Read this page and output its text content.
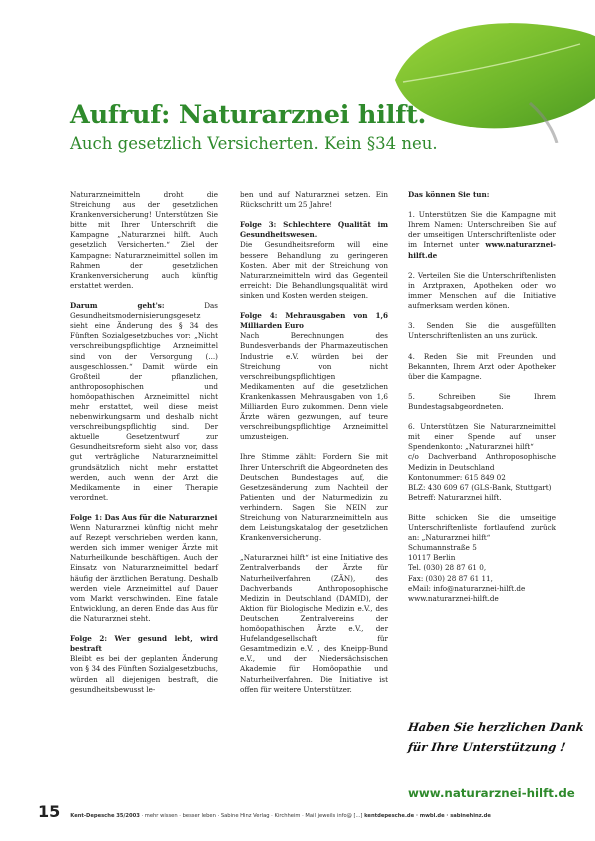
Aufruf: Naturarznei hilft.
Auch gesetzlich Versicherten. Kein §34 neu.

Naturarzneimitteln droht die Streichung aus der gesetzlichen Krankenversicherung! Unterstützen Sie bitte mit Ihrer Unterschrift die Kampagne „Naturarznei hilft. Auch gesetzlich Versicherten.“ Ziel der Kampagne: Naturarzneimittel sollen im Rahmen der gesetzlichen Krankenversicherung auch künftig erstattet werden.

Darum geht's: Das Gesundheitsmodernisierungsgesetz sieht eine Änderung des § 34 des Fünften Sozialgesetzbuches vor: „Nicht verschreibungspflichtige Arzneimittel sind von der Versorgung (...) ausgeschlossen.“ Damit würde ein Großteil der pflanzlichen, anthroposophischen und homöopathischen Arzneimittel nicht mehr erstattet, weil diese meist nebenwirkungsarm und deshalb nicht verschreibungspflichtig sind. Der aktuelle Gesetzentwurf zur Gesundheitsreform sieht also vor, dass gut verträgliche Naturarzneimittel grundsätzlich nicht mehr erstattet werden, auch wenn der Arzt die Medikamente in einer Therapie verordnet.

Folge 1: Das Aus für die Naturarznei
Wenn Naturarznei künftig nicht mehr auf Rezept verschrieben werden kann, werden sich immer weniger Ärzte mit Naturheilkunde beschäftigen. Auch der Einsatz von Naturarzneimittel bedarf häufig der ärztlichen Beratung. Deshalb werden viele Arzneimittel auf Dauer vom Markt verschwinden. Eine fatale Entwicklung, an deren Ende das Aus für die Naturarznei steht.

Folge 2: Wer gesund lebt, wird bestraft
Bleibt es bei der geplanten Änderung von § 34 des Fünften Sozialgesetzbuchs, würden all diejenigen bestraft, die gesundheitsbewusst le-

ben und auf Naturarznei setzen. Ein Rückschritt um 25 Jahre!

Folge 3: Schlechtere Qualität im Gesundheitswesen.
Die Gesundheitsreform will eine bessere Behandlung zu geringeren Kosten. Aber mit der Streichung von Naturarzneimitteln wird das Gegenteil erreicht: Die Behandlungsqualität wird sinken und Kosten werden steigen.

Folge 4: Mehrausgaben von 1,6 Milliarden Euro
Nach Berechnungen des Bundesverbands der Pharmazeutischen Industrie e.V. würden bei der Streichung von nicht verschreibungspflichtigen Medikamenten auf die gesetzlichen Krankenkassen Mehrausgaben von 1,6 Milliarden Euro zukommen. Denn viele Ärzte wären gezwungen, auf teure verschreibungspflichtige Arzneimittel umzusteigen.

Ihre Stimme zählt: Fordern Sie mit Ihrer Unterschrift die Abgeordneten des Deutschen Bundestages auf, die Gesetzesänderung zum Nachteil der Patienten und der Naturmedizin zu verhindern. Sagen Sie NEIN zur Streichung von Naturarzneimitteln aus dem Leistungskatalog der gesetzlichen Krankenversicherung.

„Naturarznei hilft“ ist eine Initiative des Zentralverbands der Ärzte für Naturheilverfahren (ZÄN), des Dachverbands Anthroposophische Medizin in Deutschland (DAMID), der Aktion für Biologische Medizin e.V., des Deutschen Zentralvereins der homöopathischen Ärzte e.V., der Hufelandgesellschaft für Gesamtmedizin e.V. , des Kneipp-Bund e.V., und der Niedersächsischen Akademie für Homöopathie und Naturheilverfahren. Die Initiative ist offen für weitere Unterstützer.

Das können Sie tun:

1. Unterstützen Sie die Kampagne mit Ihrem Namen: Unterschreiben Sie auf der umseitigen Unterschriftenliste oder im Internet unter www.naturarznei-hilft.de

2. Verteilen Sie die Unterschriftenlisten in Arztpraxen, Apotheken oder wo immer Menschen auf die Initiative aufmerksam werden könen.

3. Senden Sie die ausgefüllten Unterschriftenlisten an uns zurück.

4. Reden Sie mit Freunden und Bekannten, Ihrem Arzt oder Apotheker über die Kampagne.

5. Schreiben Sie Ihrem Bundestagsabgeordneten.

6. Unterstützen Sie Naturarzneimittel mit einer Spende auf unser Spendenkonto: „Naturarznei hilft“
c/o Dachverband Anthroposophische Medizin in Deutschland
Kontonummer: 615 849 02
BLZ: 430 609 67 (GLS-Bank, Stuttgart)
Betreff: Naturarznei hilft.

Bitte schicken Sie die umseitige Unterschriftenliste fortlaufend zurück an: „Naturarznei hilft“
Schumannstraße 5
10117 Berlin
Tel. (030) 28 87 61 0,
Fax: (030) 28 87 61 11,
eMail: info@naturarznei-hilft.de
www.naturarznei-hilft.de

Haben Sie herzlichen Dank
für Ihre Unterstützung !
www.naturarznei-hilft.de
15 Kent-Depesche 35/2003 · mehr wissen · besser leben · Sabine Hinz Verlag · Kirchheim · Mail jeweils info@ [...] kentdepesche.de · mwbl.de · sabinehinz.de
